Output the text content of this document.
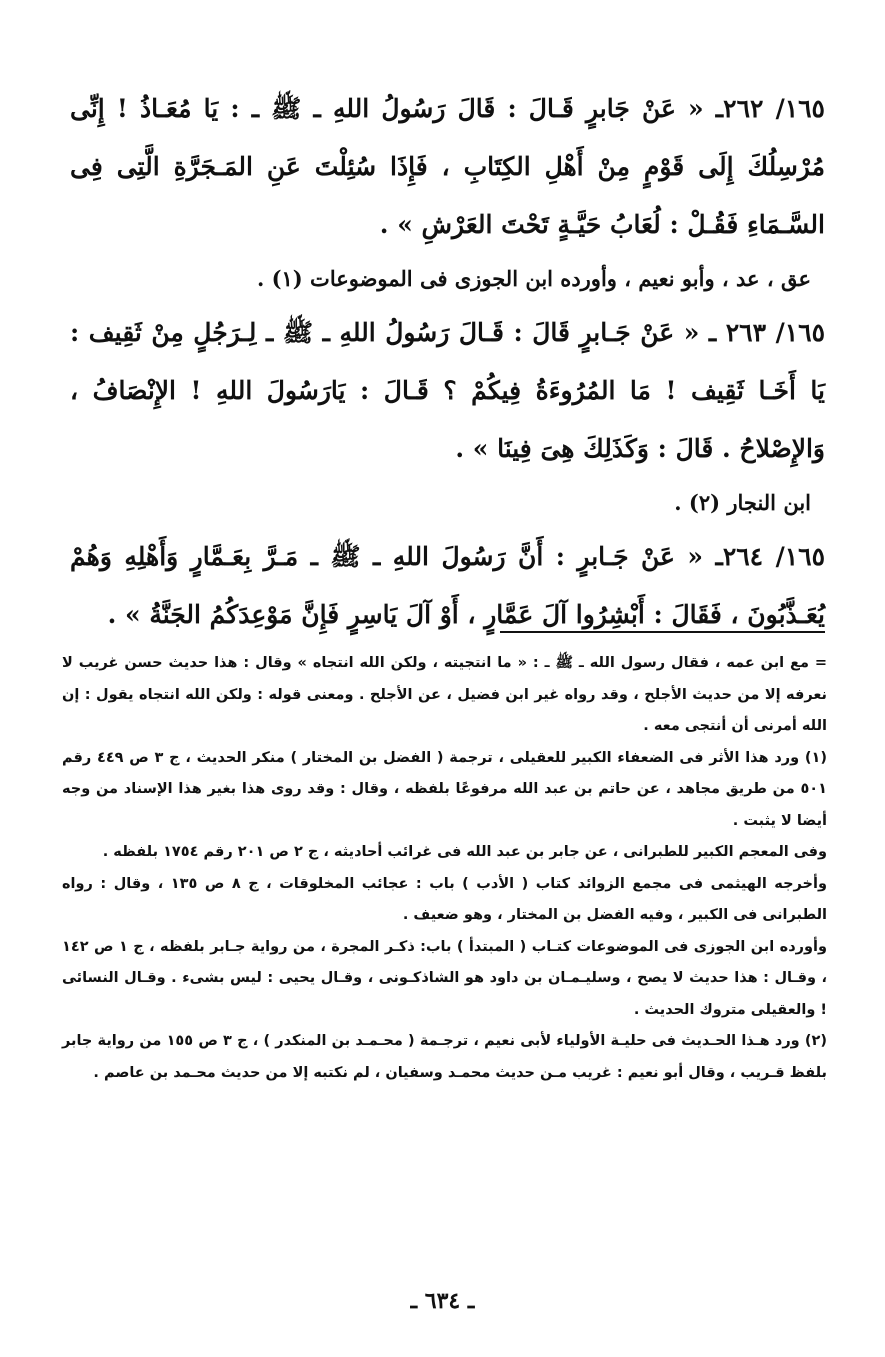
١٦٥/ ٢٦٢ـ « عَنْ جَابرٍ قَـالَ : قَالَ رَسُولُ اللهِ ـ ﷺ ـ : يَا مُعَـاذُ ! إِنِّى مُرْسِلُكَ إِلَى قَوْمٍ مِنْ أَهْلِ الكِتَابِ ، فَإِذَا سُئِلْتَ عَنِ المَـجَرَّةِ الَّتِى فِى السَّـمَاءِ فَقُـلْ : لُعَابُ حَيَّـةٍ تَحْتَ العَرْشِ » .

عق ، عد ، وأبو نعيم ، وأورده ابن الجوزى فى الموضوعات (١) .

١٦٥/ ٢٦٣ ـ « عَنْ جَـابرٍ قَالَ : قَـالَ رَسُولُ اللهِ ـ ﷺ ـ لِـرَجُلٍ مِنْ ثَقِيف : يَا أَخَـا ثَقِيف ! مَا المُرُوءَةُ فِيكُمْ ؟ قَـالَ : يَارَسُولَ اللهِ ! الإِنْصَافُ ، وَالإِصْلاحُ . قَالَ : وَكَذَلِكَ هِىَ فِينَا » .

ابن النجار (٢) .

١٦٥/ ٢٦٤ـ « عَنْ جَـابرٍ : أَنَّ رَسُولَ اللهِ ـ ﷺ ـ مَـرَّ بِعَـمَّارٍ وَأَهْلِهِ وَهُمْ يُعَـذَّبُونَ ، فَقَالَ : أَبْشِرُوا آلَ عَمَّارٍ ، أَوْ آلَ يَاسِرٍ فَإِنَّ مَوْعِدَكُمُ الجَنَّةُ » .

= مع ابن عمه ، فقال رسول الله ـ ﷺ ـ : « ما انتجيته ، ولكن الله انتجاه » وقال : هذا حديث حسن غريب لا نعرفه إلا من حديث الأجلح ، وقد رواه غير ابن فضيل ، عن الأجلح . ومعنى قوله : ولكن الله انتجاه يقول : إن الله أمرنى أن أنتجى معه .

(١) ورد هذا الأثر فى الضعفاء الكبير للعقيلى ، ترجمة ( الفضل بن المختار ) منكر الحديث ، ج ٣ ص ٤٤٩ رقم ٥٠١ من طريق مجاهد ، عن حاتم بن عبد الله مرفوعًا بلفظه ، وقال : وقد روى هذا بغير هذا الإسناد من وجه أيضا لا يثبت .

وفى المعجم الكبير للطبرانى ، عن جابر بن عبد الله فى غرائب أحاديثه ، ج ٢ ص ٢٠١ رقم ١٧٥٤ بلفظه .

وأخرجه الهيثمى فى مجمع الزوائد كتاب ( الأدب ) باب : عجائب المخلوقات ، ج ٨ ص ١٣٥ ، وقال : رواه الطبرانى فى الكبير ، وفيه الفضل بن المختار ، وهو ضعيف .

وأورده ابن الجوزى فى الموضوعات كتـاب ( المبتدأ ) باب: ذكـر المجرة ، من رواية جـابر بلفظه ، ج ١ ص ١٤٢ ، وقـال : هذا حديث لا يصح ، وسليـمـان بن داود هو الشاذكـونى ، وقـال يحيى : ليس بشىء . وقـال النسائى ! والعقيلى متروك الحديث .

(٢) ورد هـذا الحـديث فى حليـة الأولياء لأبى نعيم ، ترجـمة ( محـمـد بن المنكدر ) ، ج ٣ ص ١٥٥ من رواية جابر بلفظ قـريب ، وقال أبو نعيم : غريب مـن حديث محمـد وسفيان ، لم نكتبه إلا من حديث محـمد بن عاصم .

ـ ٦٣٤ ـ
